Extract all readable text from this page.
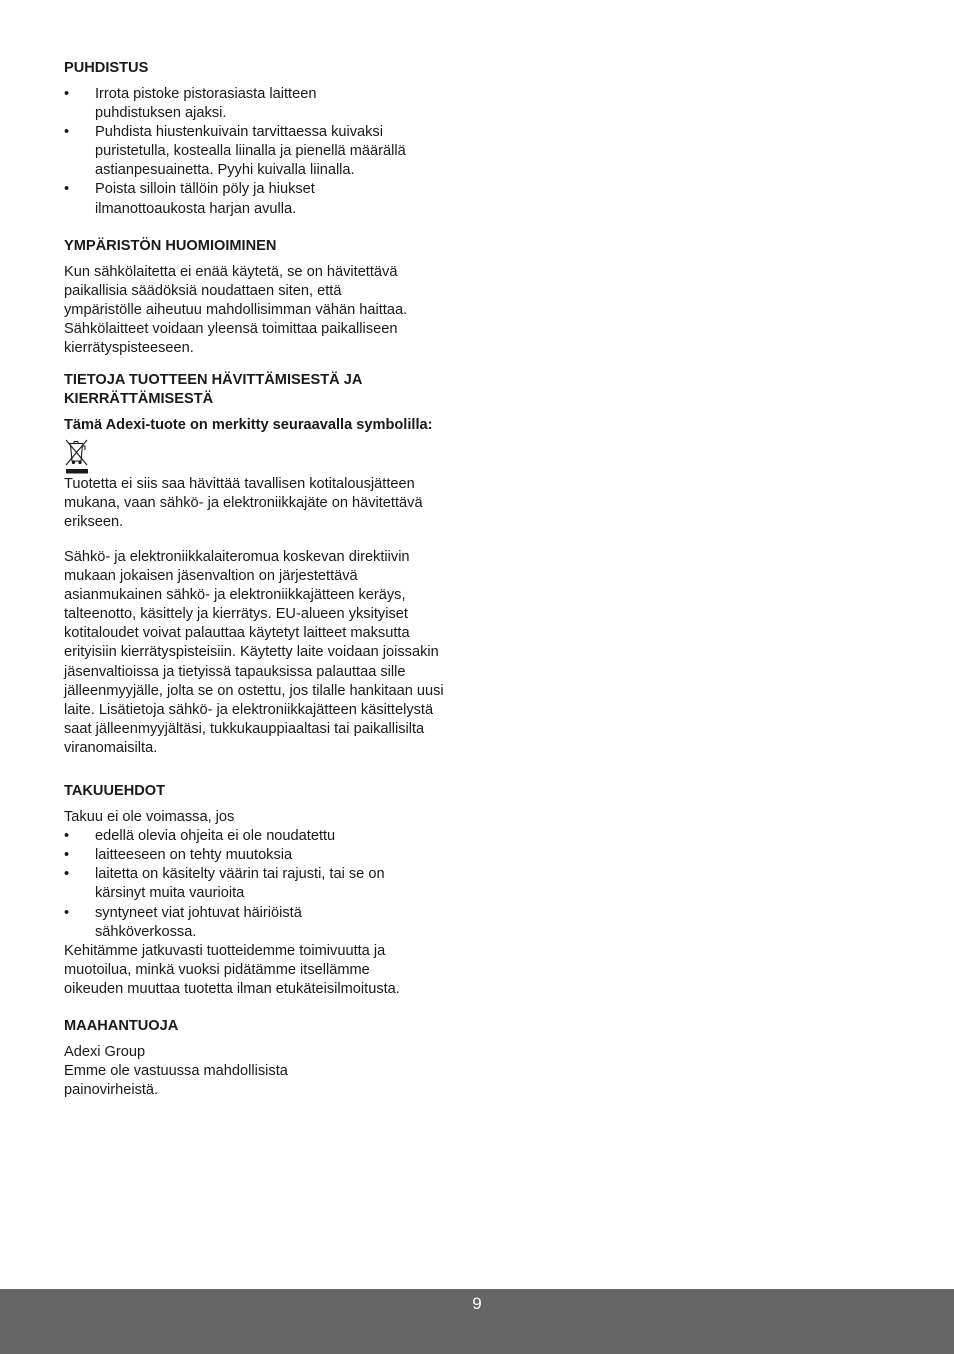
PUHDISTUS
• Irrota pistoke pistorasiasta laitteen puhdistuksen ajaksi.
• Puhdista hiustenkuivain tarvittaessa kuivaksi puristetulla, kostealla liinalla ja pienellä määrällä astianpesuainetta. Pyyhi kuivalla liinalla.
• Poista silloin tällöin pöly ja hiukset ilmanottoaukosta harjan avulla.
YMPÄRISTÖN HUOMIOIMINEN

Kun sähkölaitetta ei enää käytetä, se on hävitettävä paikallisia säädöksiä noudattaen siten, että ympäristölle aiheutuu mahdollisimman vähän haittaa. Sähkölaitteet voidaan yleensä toimittaa paikalliseen kierrätyspisteeseen.

TIETOJA TUOTTEEN HÄVITTÄMISESTÄ JA KIERRÄTTÄMISESTÄ

Tämä Adexi-tuote on merkitty seuraavalla symbolilla:

Tuotetta ei siis saa hävittää tavallisen kotitalousjätteen mukana, vaan sähkö- ja elektroniikkajäte on hävitettävä erikseen.

Sähkö- ja elektroniikkalaiteromua koskevan direktiivin mukaan jokaisen jäsenvaltion on järjestettävä asianmukainen sähkö- ja elektroniikkajätteen keräys, talteenotto, käsittely ja kierrätys. EU-alueen yksityiset kotitaloudet voivat palauttaa käytetyt laitteet maksutta erityisiin kierrätyspisteisiin. Käytetty laite voidaan joissakin jäsenvaltioissa ja tietyissä tapauksissa palauttaa sille jälleenmyyjälle, jolta se on ostettu, jos tilalle hankitaan uusi laite. Lisätietoja sähkö- ja elektroniikkajätteen käsittelystä saat jälleenmyyjältäsi, tukkukauppiaaltasi tai paikallisilta viranomaisilta.

TAKUUEHDOT

Takuu ei ole voimassa, jos

• edellä olevia ohjeita ei ole noudatettu
• laitteeseen on tehty muutoksia
• laitetta on käsitelty väärin tai rajusti, tai se on kärsinyt muita vaurioita
• syntyneet viat johtuvat häiriöistä sähköverkossa.

Kehitämme jatkuvasti tuotteidemme toimivuutta ja muotoilua, minkä vuoksi pidätämme itsellämme oikeuden muuttaa tuotetta ilman etukäteisilmoitusta.

MAAHANTUOJA

Adexi Group

Emme ole vastuussa mahdollisista painovirheistä.

9
